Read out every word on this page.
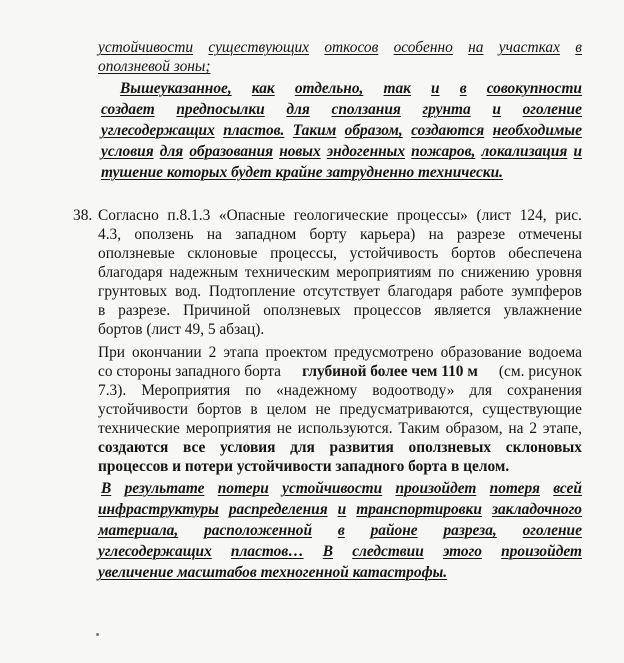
устойчивости существующих откосов особенно на участках в
оползневой зоны;
Вышеуказанное, как отдельно, так и в совокупности
создает предпосылки для сползания грунта и оголение
углесодержащих пластов. Таким образом, создаются необходимые
условия для образования новых эндогенных пожаров, локализация и
тушение которых будет крайне затрудненно технически.
38. Согласно п.8.1.3 «Опасные геологические процессы» (лист 124, рис.
4.3, оползень на западном борту карьера) на разрезе отмечены
оползневые склоновые процессы, устойчивость бортов обеспечена
благодаря надежным техническим мероприятиям по снижению уровня
грунтовых вод. Подтопление отсутствует благодаря работе зумпферов
в разрезе. Причиной оползневых процессов является увлажнение
бортов (лист 49, 5 абзац).
При окончании 2 этапа проектом предусмотрено образование водоема
со стороны западного борта глубиной более чем 110 м (см. рисунок
7.3). Мероприятия по «надежному водоотводу» для сохранения
устойчивости бортов в целом не предусматриваются, существующие
технические мероприятия не используются. Таким образом, на 2 этапе,
создаются все условия для развития оползневых склоновых
процессов и потери устойчивости западного борта в целом.
В результате потери устойчивости произойдет потеря всей
инфраструктуры распределения и транспортировки закладочного
материала, расположенной в районе разреза, оголение
углесодержащих пластов… В следствии этого произойдет
увеличение масштабов техногенной катастрофы.
